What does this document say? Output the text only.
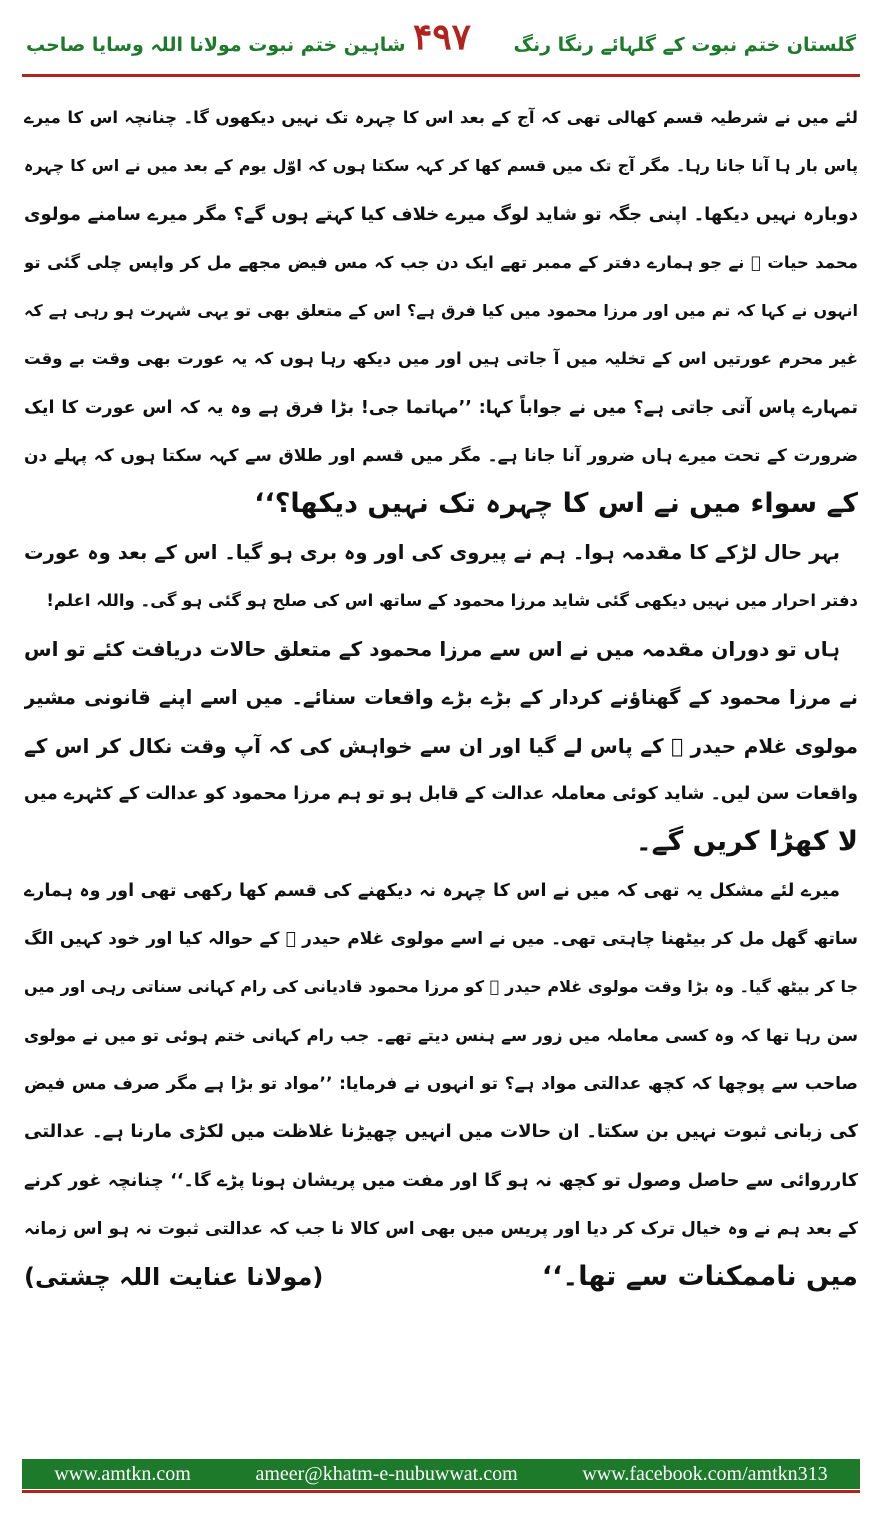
شاہین ختم نبوت مولانا اللہ وسایا صاحب ۴۹۷	گلستان ختم نبوت کے گلہائے رنگا رنگ
لئے میں نے شرطیہ قسم کھالی تھی کہ آج کے بعد اس کا چہرہ تک نہیں دیکھوں گا۔ چنانچہ اس کا میرے
پاس بار ہا آنا جانا رہا۔ مگر آج تک میں قسم کھا کر کہہ سکتا ہوں کہ اوّل یوم کے بعد میں نے اس کا چہرہ
دوبارہ نہیں دیکھا۔ اپنی جگہ تو شاید لوگ میرے خلاف کیا کہتے ہوں گے؟ مگر میرے سامنے مولوی
محمد حیات ﷫ نے جو ہمارے دفتر کے ممبر تھے ایک دن جب کہ مس فیض مجھے مل کر واپس چلی گئی تو
انہوں نے کہا کہ تم میں اور مرزا محمود میں کیا فرق ہے؟ اس کے متعلق بھی تو یہی شہرت ہو رہی ہے کہ
غیر محرم عورتیں اس کے تخلیہ میں آ جاتی ہیں اور میں دیکھ رہا ہوں کہ یہ عورت بھی وقت بے وقت
تمہارے پاس آتی جاتی ہے؟ میں نے جواباً کہا: ’’مہاتما جی! بڑا فرق ہے وہ یہ کہ اس عورت کا ایک
ضرورت کے تحت میرے ہاں ضرور آنا جانا ہے۔ مگر میں قسم اور طلاق سے کہہ سکتا ہوں کہ پہلے دن
کے سواء میں نے اس کا چہرہ تک نہیں دیکھا؟‘‘
بہر حال لڑکے کا مقدمہ ہوا۔ ہم نے پیروی کی اور وہ بری ہو گیا۔ اس کے بعد وہ عورت
دفتر احرار میں نہیں دیکھی گئی شاید مرزا محمود کے ساتھ اس کی صلح ہو گئی ہو گی۔ واللہ اعلم!
ہاں تو دوران مقدمہ میں نے اس سے مرزا محمود کے متعلق حالات دریافت کئے تو اس
نے مرزا محمود کے گھناؤنے کردار کے بڑے بڑے واقعات سنائے۔ میں اسے اپنے قانونی مشیر
مولوی غلام حیدر ﷫ کے پاس لے گیا اور ان سے خواہش کی کہ آپ وقت نکال کر اس کے
واقعات سن لیں۔ شاید کوئی معاملہ عدالت کے قابل ہو تو ہم مرزا محمود کو عدالت کے کٹہرے میں
لا کھڑا کریں گے۔
میرے لئے مشکل یہ تھی کہ میں نے اس کا چہرہ نہ دیکھنے کی قسم کھا رکھی تھی اور وہ ہمارے
ساتھ گھل مل کر بیٹھنا چاہتی تھی۔ میں نے اسے مولوی غلام حیدر ﷫ کے حوالہ کیا اور خود کہیں الگ
جا کر بیٹھ گیا۔ وہ بڑا وقت مولوی غلام حیدر ﷫ کو مرزا محمود قادیانی کی رام کہانی سناتی رہی اور میں
سن رہا تھا کہ وہ کسی معاملہ میں زور سے ہنس دیتے تھے۔ جب رام کہانی ختم ہوئی تو میں نے مولوی
صاحب سے پوچھا کہ کچھ عدالتی مواد ہے؟ تو انہوں نے فرمایا: ’’مواد تو بڑا ہے مگر صرف مس فیض
کی زبانی ثبوت نہیں بن سکتا۔ ان حالات میں انہیں چھیڑنا غلاظت میں لکڑی مارنا ہے۔ عدالتی
کارروائی سے حاصل وصول تو کچھ نہ ہو گا اور مفت میں پریشان ہونا پڑے گا۔‘‘ چنانچہ غور کرنے
کے بعد ہم نے وہ خیال ترک کر دیا اور پریس میں بھی اس کالا نا جب کہ عدالتی ثبوت نہ ہو اس زمانہ
میں ناممکنات سے تھا۔‘‘
(مولانا عنایت اللہ چشتی)
www.amtkn.com	ameer@khatm-e-nubuwwat.com	www.facebook.com/amtkn313
